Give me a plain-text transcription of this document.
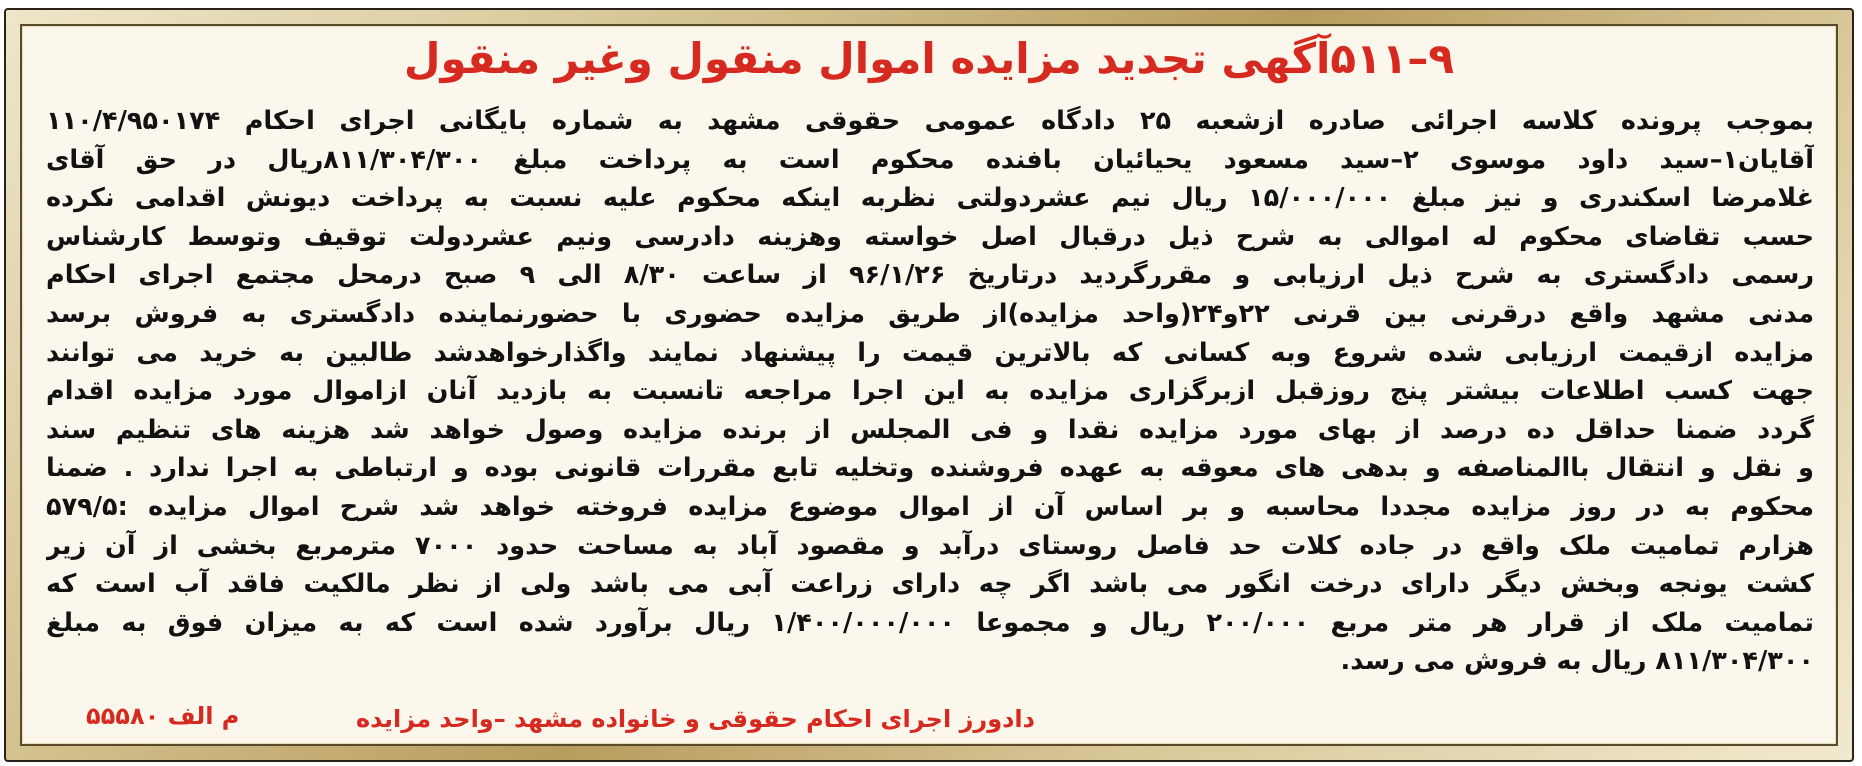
۹–۵۱۱آگهی تجدید مزایده اموال منقول وغیر منقول
بموجب پرونده کلاسه اجرائی صادره ازشعبه ۲۵ دادگاه عمومی حقوقی مشهد به شماره بایگانی اجرای احکام ۱۱۰/۴/۹۵۰۱۷۴
آقایان۱–سید داود موسوی ۲–سید مسعود یحیائیان بافنده محکوم است به پرداخت مبلغ ۸۱۱/۳۰۴/۳۰۰ریال در حق آقای
غلامرضا اسکندری و نیز مبلغ ۱۵/۰۰۰/۰۰۰ ریال نیم عشردولتی نظربه اینکه محکوم علیه نسبت به پرداخت دیونش اقدامی نکرده
حسب تقاضای محکوم له اموالی به شرح ذیل درقبال اصل خواسته وهزینه دادرسی ونیم عشردولت توقیف وتوسط کارشناس
رسمی دادگستری به شرح ذیل ارزیابی و مقررگردید درتاریخ ۹۶/۱/۲۶ از ساعت ۸/۳۰ الی ۹ صبح درمحل مجتمع اجرای احکام
مدنی مشهد واقع درقرنی بین قرنی ۲۲و۲۴(واحد مزایده)از طریق مزایده حضوری با حضورنماینده دادگستری به فروش برسد
مزایده ازقیمت ارزیابی شده شروع وبه کسانی که بالاترین قیمت را پیشنهاد نمایند واگذارخواهدشد طالبین به خرید می توانند
جهت کسب اطلاعات بیشتر پنج روزقبل ازبرگزاری مزایده به این اجرا مراجعه تانسبت به بازدید آنان ازاموال مورد مزایده اقدام
گردد ضمنا حداقل ده درصد از بهای مورد مزایده نقدا و فی المجلس از برنده مزایده وصول خواهد شد هزینه های تنظیم سند
و نقل و انتقال باالمناصفه و بدهی های معوقه به عهده فروشنده وتخلیه تابع مقررات قانونی بوده و ارتباطی به اجرا ندارد . ضمنا
محکوم به در روز مزایده مجددا محاسبه و بر اساس آن از اموال موضوع مزایده فروخته خواهد شد شرح اموال مزایده :۵۷۹/۵
هزارم تمامیت ملک واقع در جاده کلات حد فاصل روستای درآبد و مقصود آباد به مساحت حدود ۷۰۰۰ مترمربع بخشی از آن زیر
کشت یونجه وبخش دیگر دارای درخت انگور می باشد اگر چه دارای زراعت آبی می باشد ولی از نظر مالکیت فاقد آب است که
تمامیت ملک از قرار هر متر مربع ۲۰۰/۰۰۰ ریال و مجموعا ۱/۴۰۰/۰۰۰/۰۰۰ ریال برآورد شده است که به میزان فوق به مبلغ
۸۱۱/۳۰۴/۳۰۰ ریال به فروش می رسد.
دادورز اجرای احکام حقوقی و خانواده مشهد –واحد مزایده
م الف ۵۵۵۸۰
